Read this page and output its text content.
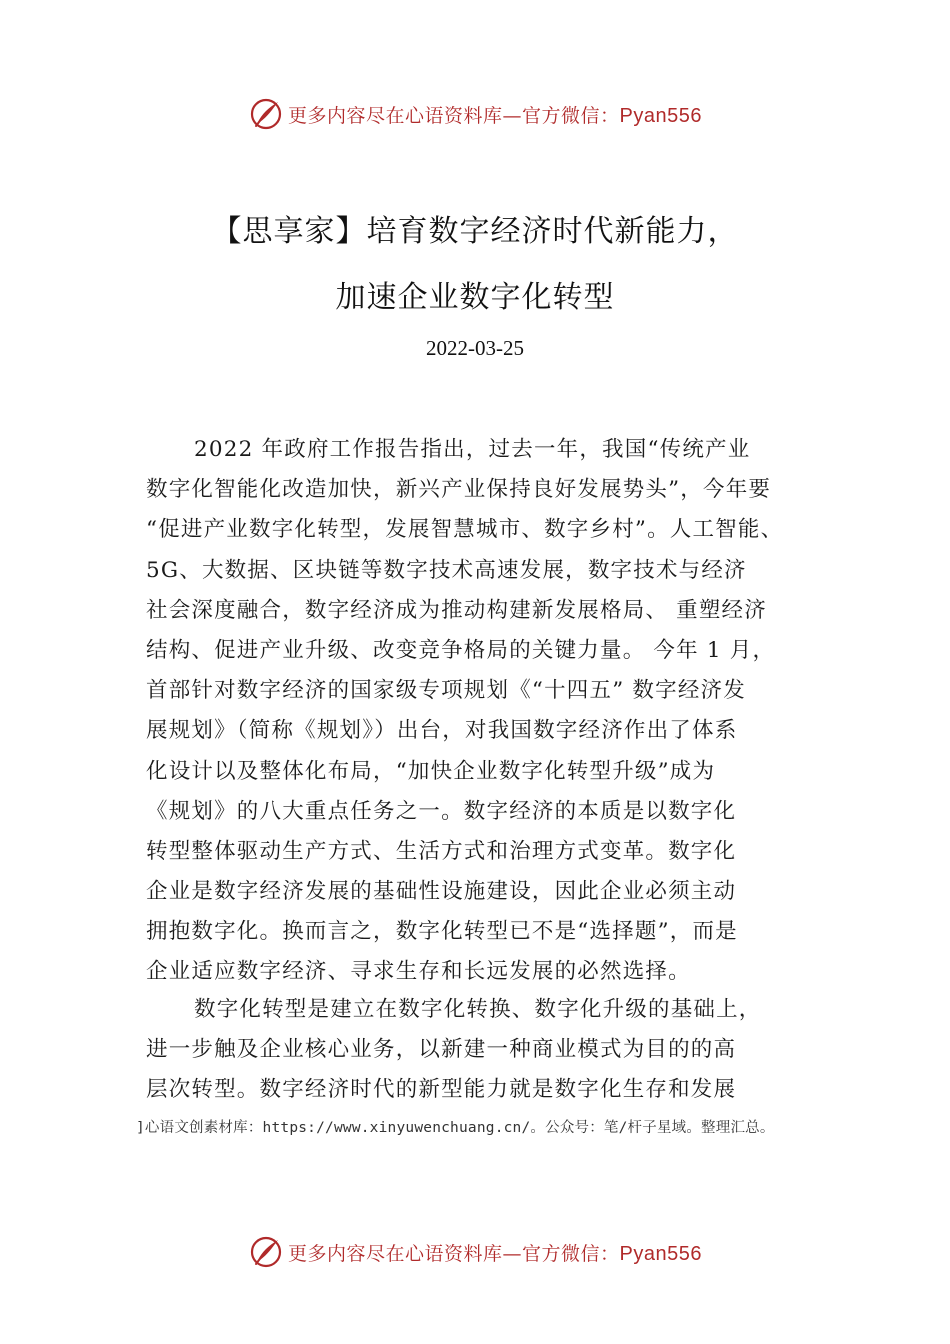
更多内容尽在心语资料库—官方微信：Pyan556
【思享家】培育数字经济时代新能力，
加速企业数字化转型
2022-03-25
2022 年政府工作报告指出，过去一年，我国“传统产业
数字化智能化改造加快，新兴产业保持良好发展势头”，今年要
“促进产业数字化转型，发展智慧城市、数字乡村”。人工智能、
5G、大数据、区块链等数字技术高速发展，数字技术与经济
社会深度融合，数字经济成为推动构建新发展格局、 重塑经济
结构、促进产业升级、改变竞争格局的关键力量。 今年 1 月，
首部针对数字经济的国家级专项规划《“十四五” 数字经济发
展规划》（简称《规划》）出台，对我国数字经济作出了体系
化设计以及整体化布局，“加快企业数字化转型升级”成为
《规划》的八大重点任务之一。数字经济的本质是以数字化
转型整体驱动生产方式、生活方式和治理方式变革。数字化
企业是数字经济发展的基础性设施建设，因此企业必须主动
拥抱数字化。换而言之，数字化转型已不是“选择题”，而是
企业适应数字经济、寻求生存和长远发展的必然选择。
数字化转型是建立在数字化转换、数字化升级的基础上，
进一步触及企业核心业务，以新建一种商业模式为目的的高
层次转型。数字经济时代的新型能力就是数字化生存和发展
]心语文创素材库：https://www.xinyuwenchuang.cn/。公众号：笔/杆子星域。整理汇总。
更多内容尽在心语资料库—官方微信：Pyan556
